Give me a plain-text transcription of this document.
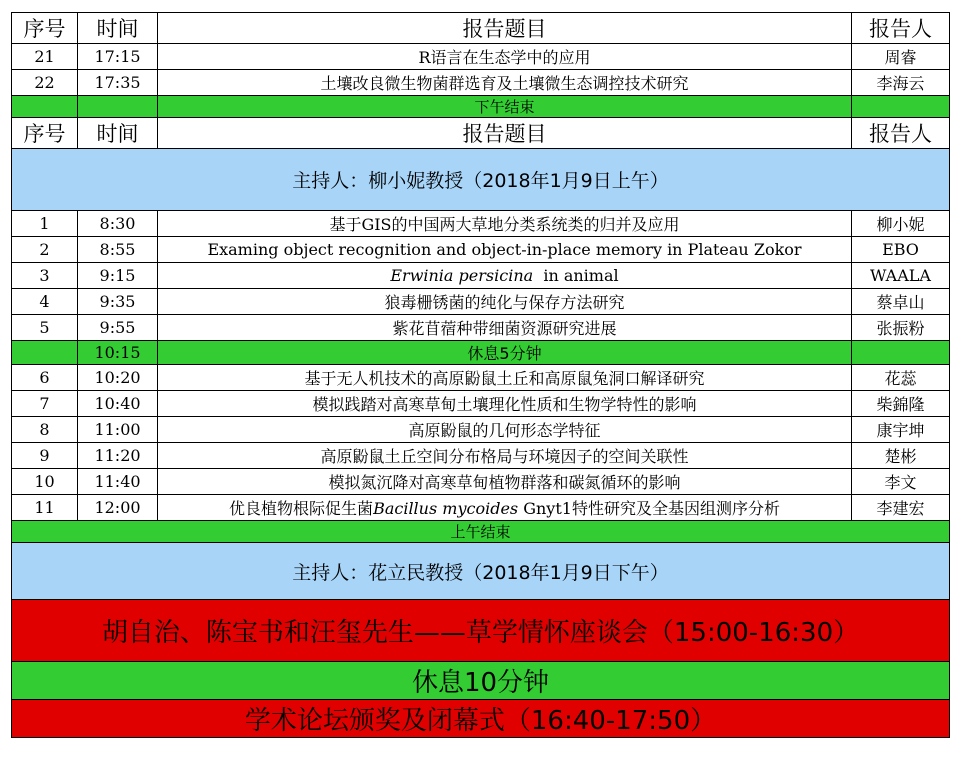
序号	时间	报告题目	报告人
21	17:15	R语言在生态学中的应用	周睿
22	17:35	土壤改良微生物菌群选育及土壤微生态调控技术研究	李海云
		下午结束	
序号	时间	报告题目	报告人
主持人：柳小妮教授（2018年1月9日上午）			
1	8:30	基于GIS的中国两大草地分类系统类的归并及应用	柳小妮
2	8:55	Examing object recognition and object-in-place memory in Plateau Zokor	EBO
3	9:15	Erwinia persicina  in animal	WAALA
4	9:35	狼毒栅锈菌的纯化与保存方法研究	蔡卓山
5	9:55	紫花苜蓿种带细菌资源研究进展	张振粉
	10:15	休息5分钟	
6	10:20	基于无人机技术的高原鼢鼠土丘和高原鼠兔洞口解译研究	花蕊
7	10:40	模拟践踏对高寒草甸土壤理化性质和生物学特性的影响	柴錦隆
8	11:00	高原鼢鼠的几何形态学特征	康宇坤
9	11:20	高原鼢鼠土丘空间分布格局与环境因子的空间关联性	楚彬
10	11:40	模拟氮沉降对高寒草甸植物群落和碳氮循环的影响	李文
11	12:00	优良植物根际促生菌Bacillus mycoides Gnyt1特性研究及全基因组测序分析	李建宏
上午结束			
主持人：花立民教授（2018年1月9日下午）			
胡自治、陈宝书和汪玺先生——草学情怀座谈会（15:00-16:30）			
休息10分钟			
学术论坛颁奖及闭幕式（16:40-17:50）			
